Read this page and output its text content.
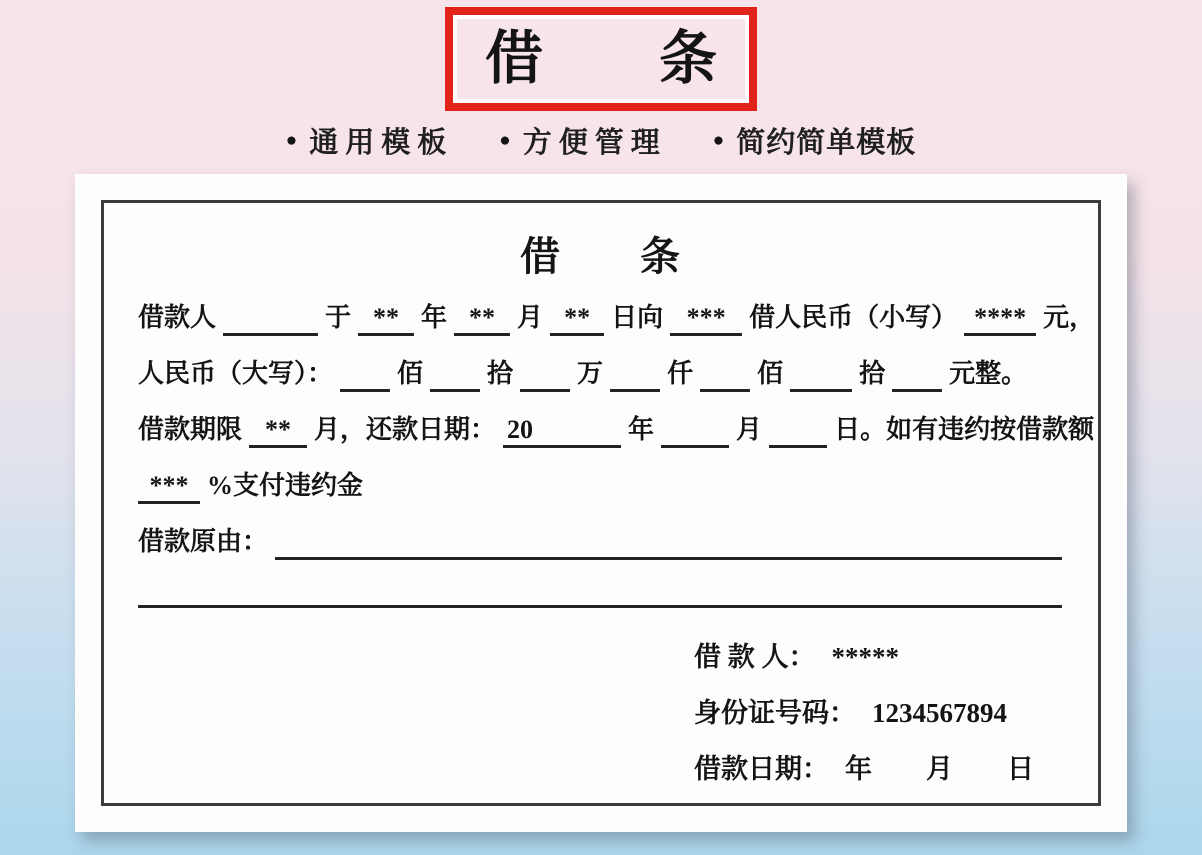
借　　条
● 通用模板 ● 方便管理 ● 简约简单模板
借　　条
借款人
	于 ** 年 ** 月 ** 日向 *** 借人民币（小写） **** 元，
人民币（大写）：
佰
拾
万
仟
佰
	拾
元整。
借款期限 ** 月，还款日期： 20	年
	月
	日。如有违约按借款额
*** %支付违约金
借款原由：

借 款 人： *****
身份证号码： 1234567894
借款日期： 年　　月　　日
